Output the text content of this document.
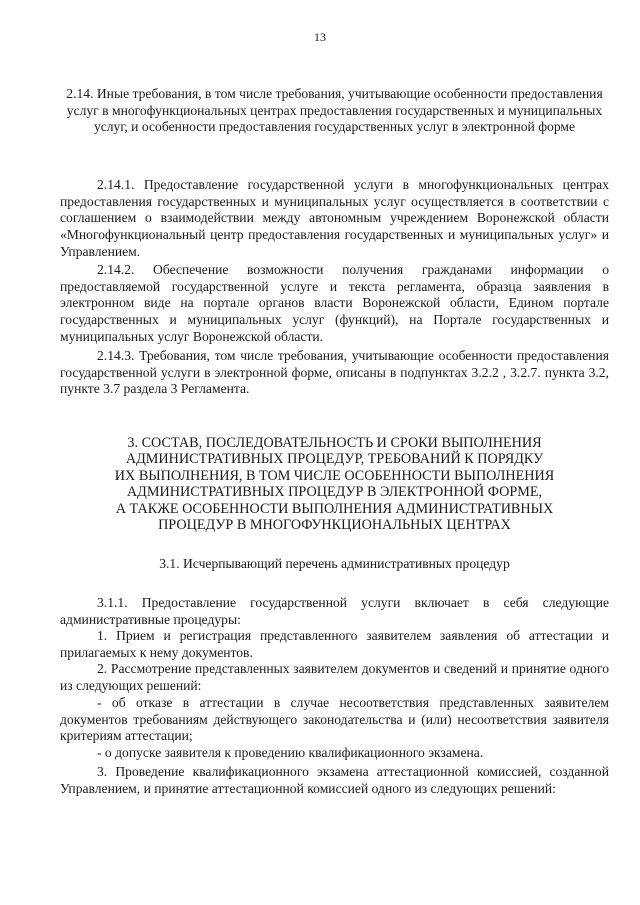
13

2.14. Иные требования, в том числе требования, учитывающие особенности предоставления услуг в многофункциональных центрах предоставления государственных и муниципальных услуг, и особенности предоставления государственных услуг в электронной форме

2.14.1. Предоставление государственной услуги в многофункциональных центрах предоставления государственных и муниципальных услуг осуществляется в соответствии с соглашением о взаимодействии между автономным учреждением Воронежской области «Многофункциональный центр предоставления государственных и муниципальных услуг» и Управлением.

2.14.2. Обеспечение возможности получения гражданами информации о предоставляемой государственной услуге и текста регламента, образца заявления в электронном виде на портале органов власти Воронежской области, Едином портале государственных и муниципальных услуг (функций), на Портале государственных и муниципальных услуг Воронежской области.

2.14.3. Требования, том числе требования, учитывающие особенности предоставления государственной услуги в электронной форме, описаны в подпунктах 3.2.2 , 3.2.7. пункта 3.2, пункте 3.7 раздела 3 Регламента.

3. СОСТАВ, ПОСЛЕДОВАТЕЛЬНОСТЬ И СРОКИ ВЫПОЛНЕНИЯ

АДМИНИСТРАТИВНЫХ ПРОЦЕДУР, ТРЕБОВАНИЙ К ПОРЯДКУ

ИХ ВЫПОЛНЕНИЯ, В ТОМ ЧИСЛЕ ОСОБЕННОСТИ ВЫПОЛНЕНИЯ

АДМИНИСТРАТИВНЫХ ПРОЦЕДУР В ЭЛЕКТРОННОЙ ФОРМЕ,

А ТАКЖЕ ОСОБЕННОСТИ ВЫПОЛНЕНИЯ АДМИНИСТРАТИВНЫХ

ПРОЦЕДУР В МНОГОФУНКЦИОНАЛЬНЫХ ЦЕНТРАХ

3.1. Исчерпывающий перечень административных процедур

3.1.1. Предоставление государственной услуги включает в себя следующие административные процедуры:

1. Прием и регистрация представленного заявителем заявления об аттестации и прилагаемых к нему документов.

2. Рассмотрение представленных заявителем документов и сведений и принятие одного из следующих решений:

- об отказе в аттестации в случае несоответствия представленных заявителем документов требованиям действующего законодательства и (или) несоответствия заявителя критериям аттестации;

- о допуске заявителя к проведению квалификационного экзамена.

3. Проведение квалификационного экзамена аттестационной комиссией, созданной Управлением, и принятие аттестационной комиссией одного из следующих решений:
